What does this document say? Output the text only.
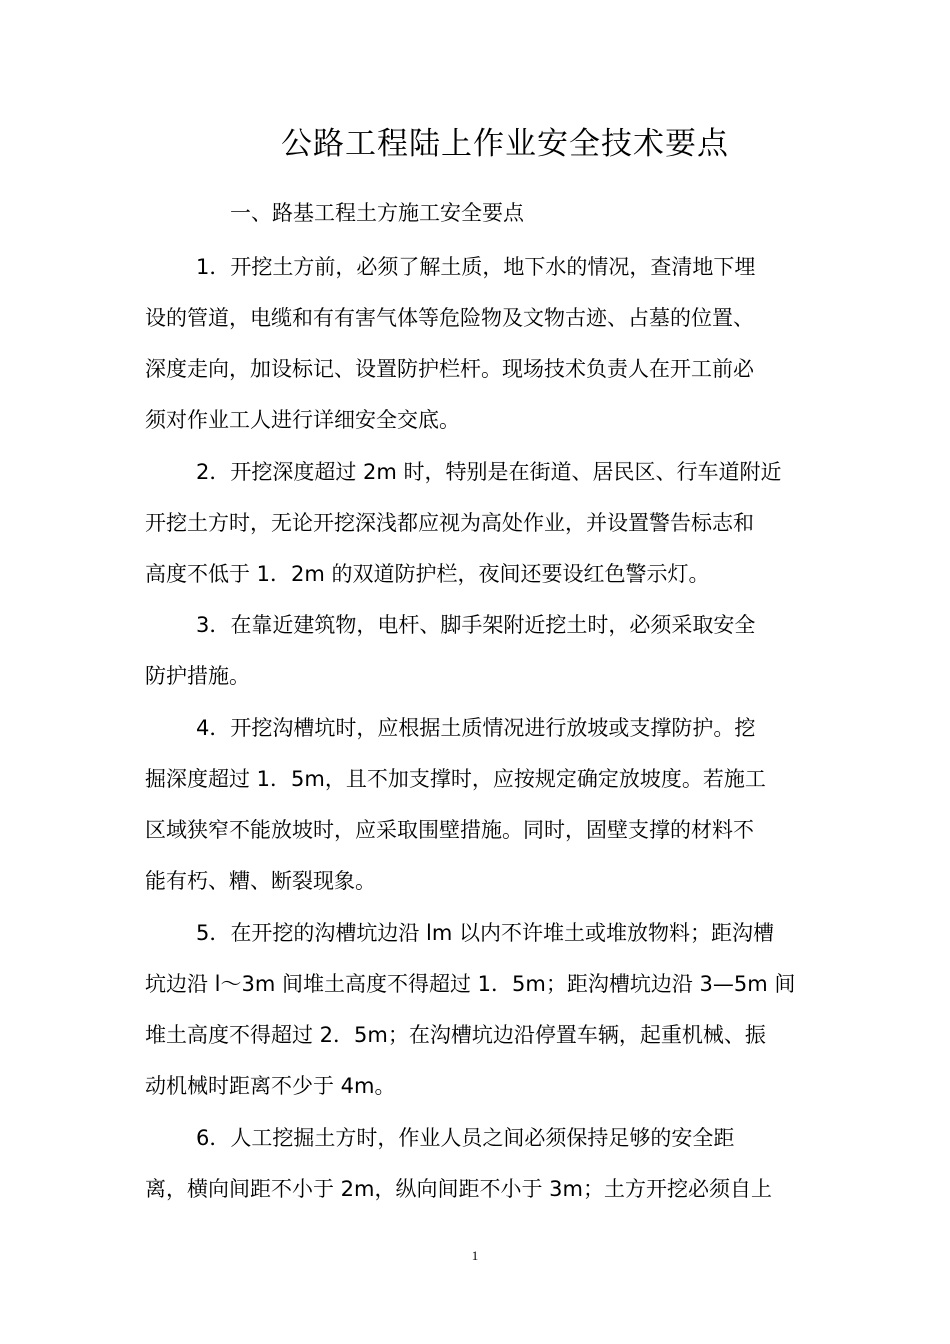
公路工程陆上作业安全技术要点
一、路基工程土方施工安全要点
1．开挖土方前，必须了解土质，地下水的情况，查清地下埋
设的管道，电缆和有有害气体等危险物及文物古迹、占墓的位置、
深度走向，加设标记、设置防护栏杆。现场技术负责人在开工前必
须对作业工人进行详细安全交底。
2．开挖深度超过 2m 时，特别是在街道、居民区、行车道附近
开挖土方时，无论开挖深浅都应视为高处作业，并设置警告标志和
高度不低于 1．2m 的双道防护栏，夜间还要设红色警示灯。
3．在靠近建筑物，电杆、脚手架附近挖土时，必须采取安全
防护措施。
4．开挖沟槽坑时，应根据土质情况进行放坡或支撑防护。挖
掘深度超过 1．5m，且不加支撑时，应按规定确定放坡度。若施工
区域狭窄不能放坡时，应采取围壁措施。同时，固壁支撑的材料不
能有朽、糟、断裂现象。
5．在开挖的沟槽坑边沿 lm 以内不许堆土或堆放物料；距沟槽
坑边沿 l～3m 间堆土高度不得超过 1．5m；距沟槽坑边沿 3—5m 间
堆土高度不得超过 2．5m；在沟槽坑边沿停置车辆，起重机械、振
动机械时距离不少于 4m。
6．人工挖掘土方时，作业人员之间必须保持足够的安全距
离，横向间距不小于 2m，纵向间距不小于 3m；土方开挖必须自上
1
